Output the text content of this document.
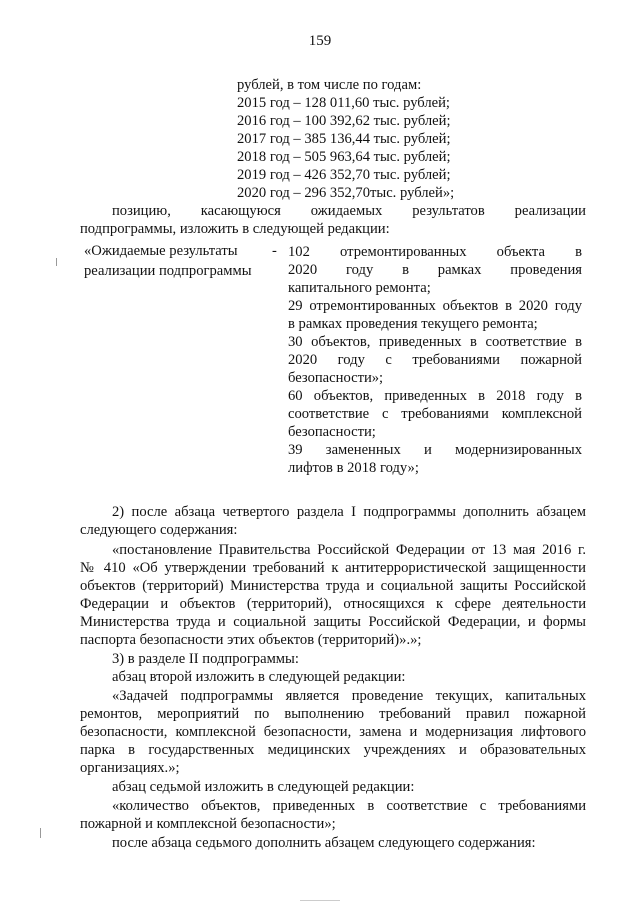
159
рублей, в том числе по годам:
2015 год – 128 011,60 тыс. рублей;
2016 год – 100 392,62 тыс. рублей;
2017 год – 385 136,44 тыс. рублей;
2018 год – 505 963,64 тыс. рублей;
2019 год – 426 352,70 тыс. рублей;
2020 год – 296 352,70тыс. рублей»;
позицию, касающуюся ожидаемых результатов реализации
подпрограммы, изложить в следующей редакции:
«Ожидаемые результаты
реализации подпрограммы
- 102 отремонтированных объекта в
2020 году в рамках проведения
капитального ремонта;
29 отремонтированных объектов в 2020 году
в рамках проведения текущего ремонта;
30 объектов, приведенных в соответствие в
2020 году с требованиями пожарной
безопасности»;
60 объектов, приведенных в 2018 году в
соответствие с требованиями комплексной
безопасности;
39 замененных и модернизированных
лифтов в 2018 году»;
2) после абзаца четвертого раздела I подпрограммы дополнить абзацем
следующего содержания:
«постановление Правительства Российской Федерации от 13 мая 2016 г.
№ 410 «Об утверждении требований к антитеррористической защищенности
объектов (территорий) Министерства труда и социальной защиты Российской
Федерации и объектов (территорий), относящихся к сфере деятельности
Министерства труда и социальной защиты Российской Федерации, и формы
паспорта безопасности этих объектов (территорий)».»;
3) в разделе II подпрограммы:
абзац второй изложить в следующей редакции:
«Задачей подпрограммы является проведение текущих, капитальных
ремонтов, мероприятий по выполнению требований правил пожарной
безопасности, комплексной безопасности, замена и модернизация лифтового
парка в государственных медицинских учреждениях и образовательных
организациях.»;
абзац седьмой изложить в следующей редакции:
«количество объектов, приведенных в соответствие с требованиями
пожарной и комплексной безопасности»;
после абзаца седьмого дополнить абзацем следующего содержания:
